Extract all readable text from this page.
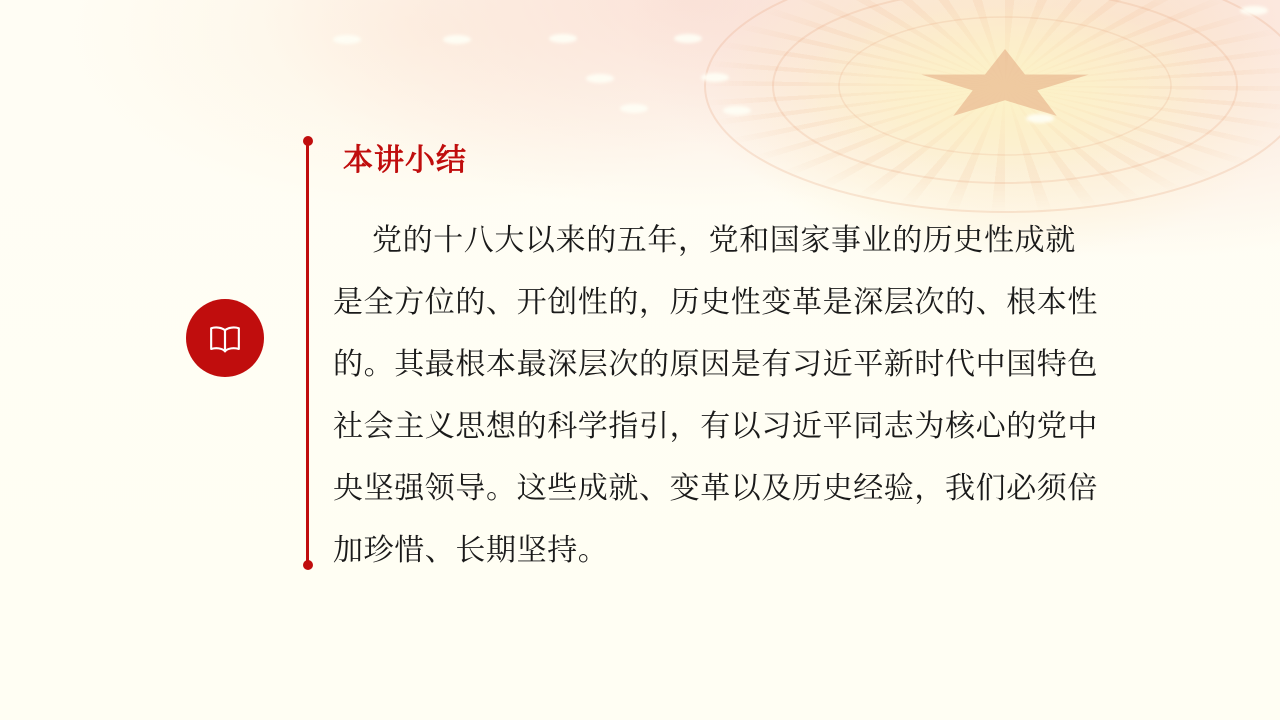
本讲小结
党的十八大以来的五年，党和国家事业的历史性成就
是全方位的、开创性的，历史性变革是深层次的、根本性
的。其最根本最深层次的原因是有习近平新时代中国特色
社会主义思想的科学指引，有以习近平同志为核心的党中
央坚强领导。这些成就、变革以及历史经验，我们必须倍
加珍惜、长期坚持。
